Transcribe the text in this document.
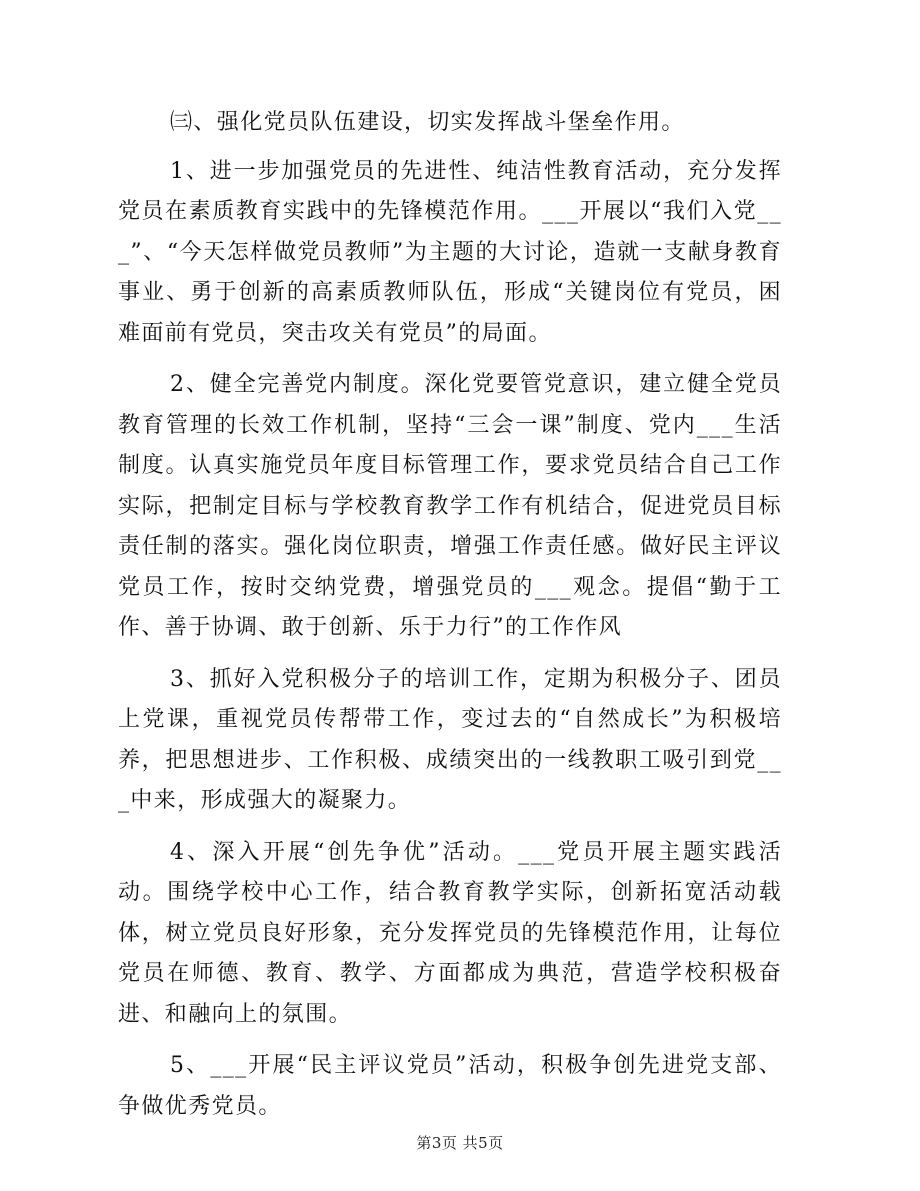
㈢、强化党员队伍建设，切实发挥战斗堡垒作用。

1、进一步加强党员的先进性、纯洁性教育活动，充分发挥党员在素质教育实践中的先锋模范作用。___开展以“我们入党___”、“今天怎样做党员教师”为主题的大讨论，造就一支献身教育事业、勇于创新的高素质教师队伍，形成“关键岗位有党员，困难面前有党员，突击攻关有党员”的局面。

2、健全完善党内制度。深化党要管党意识，建立健全党员教育管理的长效工作机制，坚持“三会一课”制度、党内___生活制度。认真实施党员年度目标管理工作，要求党员结合自己工作实际，把制定目标与学校教育教学工作有机结合，促进党员目标责任制的落实。强化岗位职责，增强工作责任感。做好民主评议党员工作，按时交纳党费，增强党员的___观念。提倡“勤于工作、善于协调、敢于创新、乐于力行”的工作作风

3、抓好入党积极分子的培训工作，定期为积极分子、团员上党课，重视党员传帮带工作，变过去的“自然成长”为积极培养，把思想进步、工作积极、成绩突出的一线教职工吸引到党___中来，形成强大的凝聚力。

4、深入开展“创先争优”活动。___党员开展主题实践活动。围绕学校中心工作，结合教育教学实际，创新拓宽活动载体，树立党员良好形象，充分发挥党员的先锋模范作用，让每位党员在师德、教育、教学、方面都成为典范，营造学校积极奋进、和融向上的氛围。

5、___开展“民主评议党员”活动，积极争创先进党支部、争做优秀党员。

第3页 共5页
